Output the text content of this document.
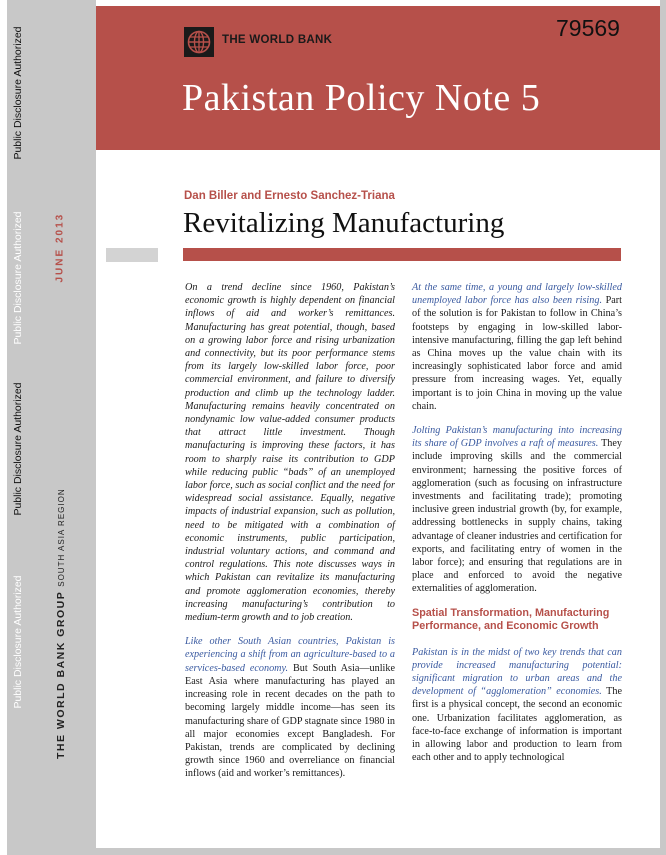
Public Disclosure Authorized
Public Disclosure Authorized
Public Disclosure Authorized
Public Disclosure Authorized
THE WORLD BANK	79569
Pakistan Policy Note 5
JUNE 2013
THE WORLD BANK GROUPSOUTH ASIA REGION
Dan Biller and Ernesto Sanchez-Triana
Revitalizing Manufacturing

On a trend decline since 1960, Pakistan’s economic growth is highly dependent on financial inflows of aid and worker’s remittances. Manufacturing has great potential, though, based on a growing labor force and rising urbanization and connectivity, but its poor performance stems from its largely low-skilled labor force, poor commercial environment, and failure to diversify production and climb up the technology ladder. Manufacturing remains heavily concentrated on nondynamic low value-added consumer products that attract little investment. Though manufacturing is improving these factors, it has room to sharply raise its contribution to GDP while reducing public “bads” of an unemployed labor force, such as social conflict and the need for widespread social assistance. Equally, negative impacts of industrial expansion, such as pollution, need to be mitigated with a combination of economic instruments, public participation, industrial voluntary actions, and command and control regulations. This note discusses ways in which Pakistan can revitalize its manufacturing and promote agglomeration economies, thereby increasing manufacturing’s contribution to medium-term growth and to job creation.

Like other South Asian countries, Pakistan is experiencing a shift from an agriculture-based to a services-based economy. But South Asia—unlike East Asia where manufacturing has played an increasing role in recent decades on the path to becoming largely middle income—has seen its manufacturing share of GDP stagnate since 1980 in all major economies except Bangladesh. For Pakistan, trends are complicated by declining growth since 1960 and overreliance on financial inflows (aid and worker’s remittances).

At the same time, a young and largely low-skilled unemployed labor force has also been rising. Part of the solution is for Pakistan to follow in China’s footsteps by engaging in low-skilled labor-intensive manufacturing, filling the gap left behind as China moves up the value chain with its increasingly sophisticated labor force and amid pressure from increasing wages. Yet, equally important is to join China in moving up the value chain.

Jolting Pakistan’s manufacturing into increasing its share of GDP involves a raft of measures. They include improving skills and the commercial environment; harnessing the positive forces of agglomeration (such as focusing on infrastructure investments and facilitating trade); promoting inclusive green industrial growth (by, for example, addressing bottlenecks in supply chains, taking advantage of cleaner industries and certification for exports, and facilitating entry of women in the labor force); and ensuring that regulations are in place and enforced to avoid the negative externalities of agglomeration.

Spatial Transformation, Manufacturing Performance, and Economic Growth

Pakistan is in the midst of two key trends that can provide increased manufacturing potential: significant migration to urban areas and the development of “agglomeration” economies. The first is a physical concept, the second an economic one. Urbanization facilitates agglomeration, as face-to-face exchange of information is important in allowing labor and production to learn from each other and to apply technological
